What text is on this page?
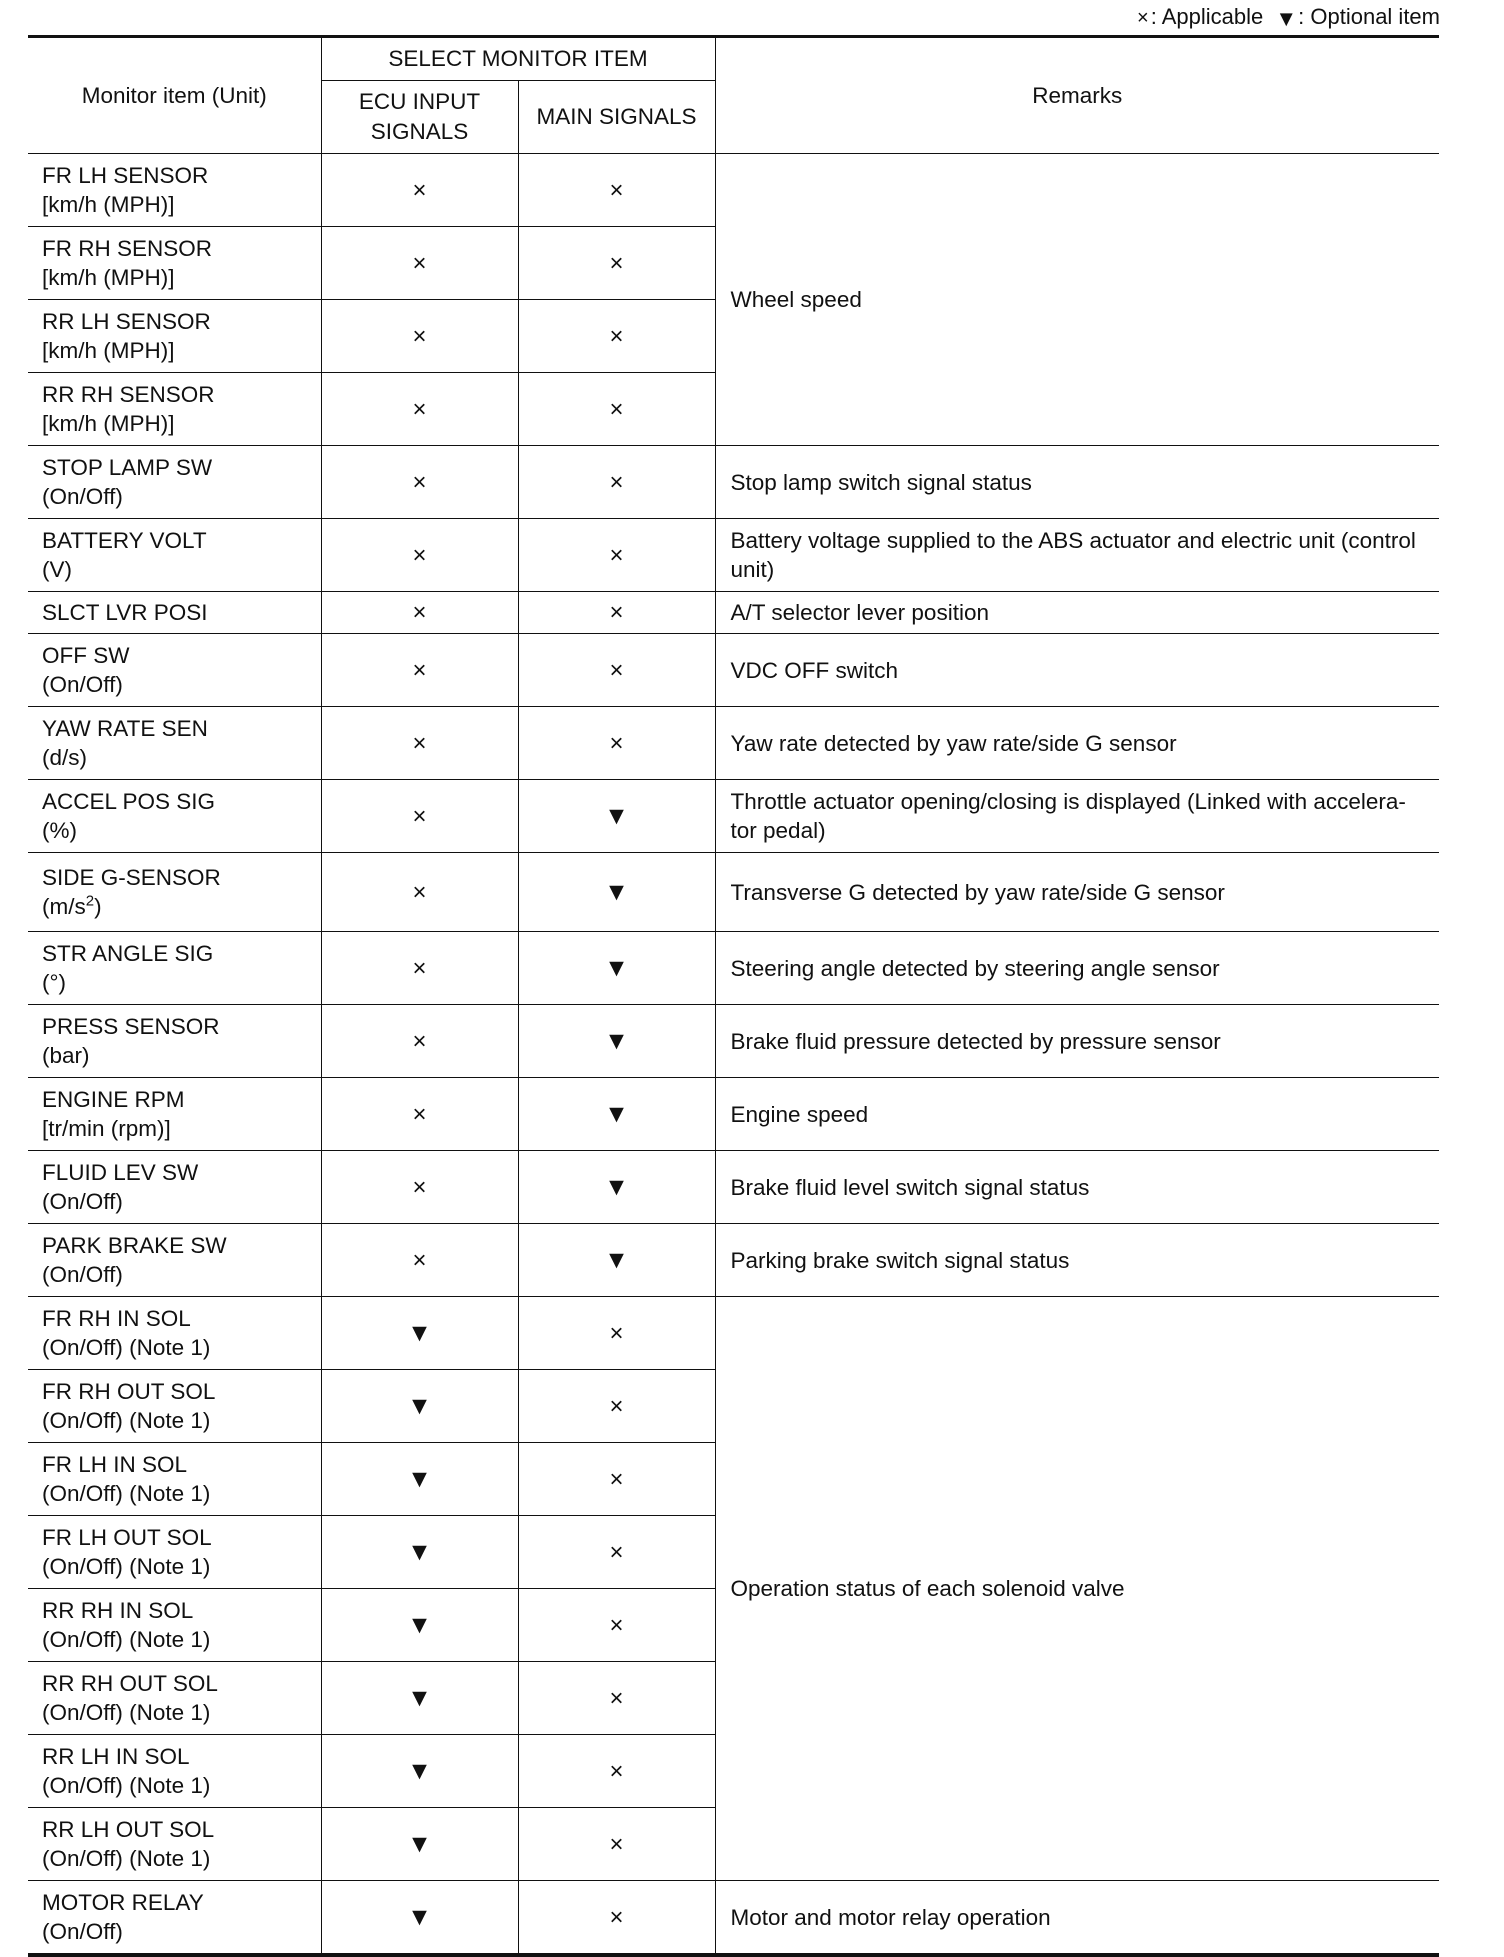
×: Applicable ▼: Optional item
Monitor item (Unit)	SELECT MONITOR ITEM		Remarks
	ECU INPUT SIGNALS	MAIN SIGNALS	

FR LH SENSOR
[km/h (MPH)]	×	×	Wheel speed

FR RH SENSOR
[km/h (MPH)]	×	×	

RR LH SENSOR
[km/h (MPH)]	×	×	

RR RH SENSOR
[km/h (MPH)]	×	×	

STOP LAMP SW
(On/Off)	×	×	Stop lamp switch signal status

BATTERY VOLT
(V)	×	×	Battery voltage supplied to the ABS actuator and electric unit (control unit)

SLCT LVR POSI	×	×	A/T selector lever position

OFF SW
(On/Off)	×	×	VDC OFF switch

YAW RATE SEN
(d/s)	×	×	Yaw rate detected by yaw rate/side G sensor

ACCEL POS SIG
(%)	×	▼	Throttle actuator opening/closing is displayed (Linked with accelera-tor pedal)

SIDE G-SENSOR
$(m/s^2)$	×	▼	Transverse G detected by yaw rate/side G sensor

STR ANGLE SIG
(°)	×	▼	Steering angle detected by steering angle sensor

PRESS SENSOR
(bar)	×	▼	Brake fluid pressure detected by pressure sensor

ENGINE RPM
[tr/min (rpm)]	×	▼	Engine speed

FLUID LEV SW
(On/Off)	×	▼	Brake fluid level switch signal status

PARK BRAKE SW
(On/Off)	×	▼	Parking brake switch signal status

FR RH IN SOL
(On/Off) (Note 1)	▼	×	Operation status of each solenoid valve

FR RH OUT SOL
(On/Off) (Note 1)	▼	×	

FR LH IN SOL
(On/Off) (Note 1)	▼	×	

FR LH OUT SOL
(On/Off) (Note 1)	▼	×	

RR RH IN SOL
(On/Off) (Note 1)	▼	×	

RR RH OUT SOL
(On/Off) (Note 1)	▼	×	

RR LH IN SOL
(On/Off) (Note 1)	▼	×	

RR LH OUT SOL
(On/Off) (Note 1)	▼	×	

MOTOR RELAY
(On/Off)	▼	×	Motor and motor relay operation
